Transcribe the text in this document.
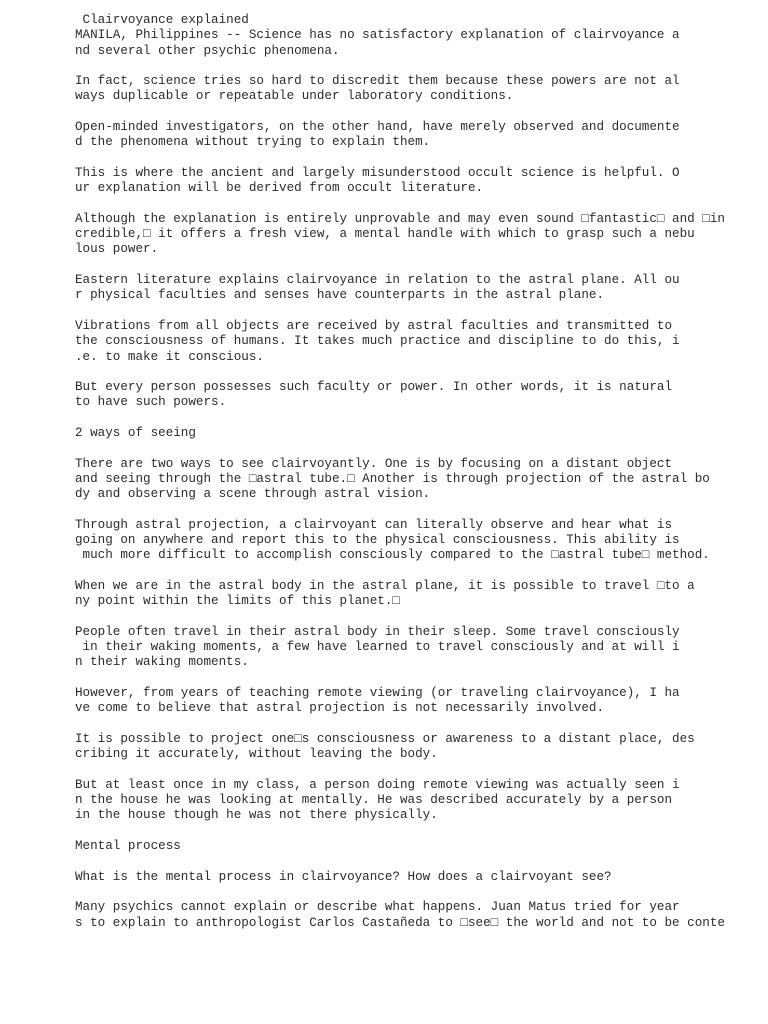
Clairvoyance explained
MANILA, Philippines -- Science has no satisfactory explanation of clairvoyance a
nd several other psychic phenomena.
In fact, science tries so hard to discredit them because these powers are not al
ways duplicable or repeatable under laboratory conditions.
Open-minded investigators, on the other hand, have merely observed and documente
d the phenomena without trying to explain them.
This is where the ancient and largely misunderstood occult science is helpful. O
ur explanation will be derived from occult literature.
Although the explanation is entirely unprovable and may even sound □fantastic□ and □in
credible,□ it offers a fresh view, a mental handle with which to grasp such a nebu
lous power.
Eastern literature explains clairvoyance in relation to the astral plane. All ou
r physical faculties and senses have counterparts in the astral plane.
Vibrations from all objects are received by astral faculties and transmitted to
the consciousness of humans. It takes much practice and discipline to do this, i
.e. to make it conscious.
But every person possesses such faculty or power. In other words, it is natural
to have such powers.
2 ways of seeing
There are two ways to see clairvoyantly. One is by focusing on a distant object
and seeing through the □astral tube.□ Another is through projection of the astral bo
dy and observing a scene through astral vision.
Through astral projection, a clairvoyant can literally observe and hear what is
going on anywhere and report this to the physical consciousness. This ability is
much more difficult to accomplish consciously compared to the □astral tube□ method.
When we are in the astral body in the astral plane, it is possible to travel □to a
ny point within the limits of this planet.□
People often travel in their astral body in their sleep. Some travel consciously
in their waking moments, a few have learned to travel consciously and at will i
n their waking moments.
However, from years of teaching remote viewing (or traveling clairvoyance), I ha
ve come to believe that astral projection is not necessarily involved.
It is possible to project one□s consciousness or awareness to a distant place, des
cribing it accurately, without leaving the body.
But at least once in my class, a person doing remote viewing was actually seen i
n the house he was looking at mentally. He was described accurately by a person
in the house though he was not there physically.
Mental process
What is the mental process in clairvoyance? How does a clairvoyant see?
Many psychics cannot explain or describe what happens. Juan Matus tried for year
s to explain to anthropologist Carlos Castañeda to □see□ the world and not to be conte
